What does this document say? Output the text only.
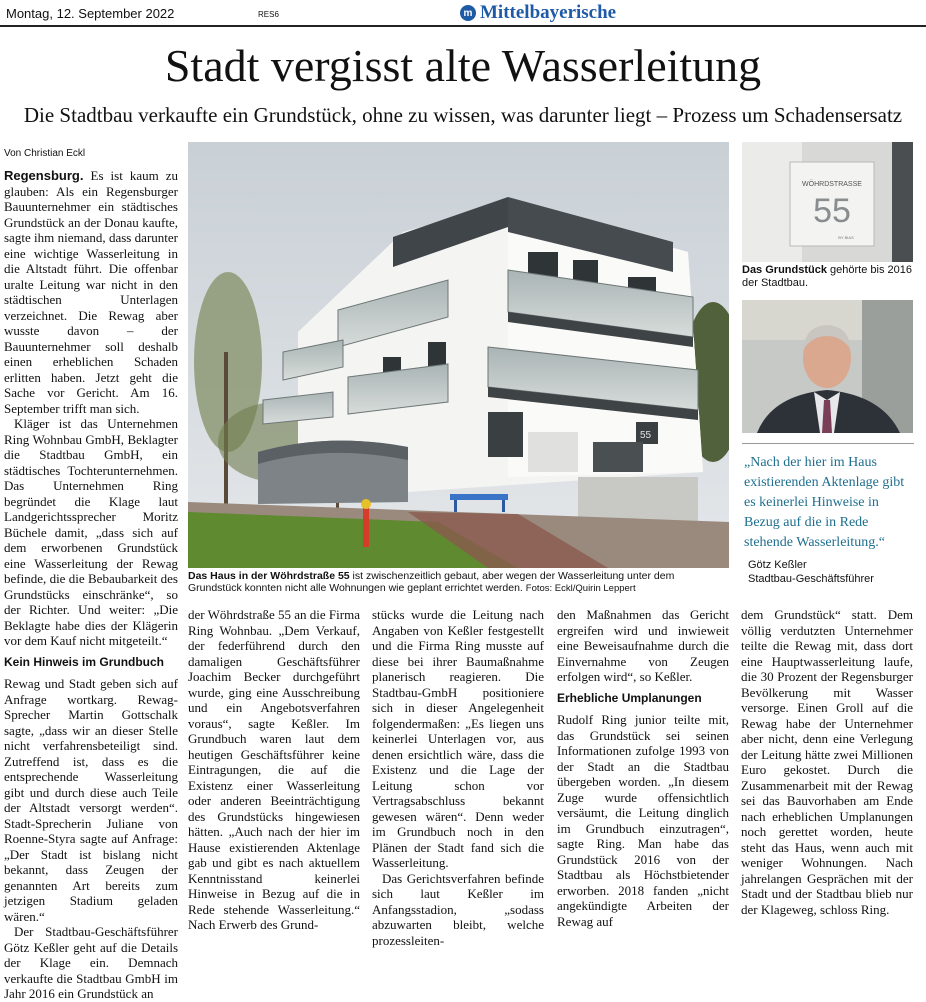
Montag, 12. September 2022	RES6	m Mittelbayerische
Stadt vergisst alte Wasserleitung
Die Stadtbau verkaufte ein Grundstück, ohne zu wissen, was darunter liegt – Prozess um Schadensersatz
Von Christian Eckl

Regensburg. Es ist kaum zu glauben: Als ein Regensburger Bauunternehmer ein städtisches Grundstück an der Donau kaufte, sagte ihm niemand, dass darunter eine wichtige Wasserleitung in die Altstadt führt. Die offenbar uralte Leitung war nicht in den städtischen Unterlagen verzeichnet. Die Rewag aber wusste davon – der Bauunternehmer soll deshalb einen erheblichen Schaden erlitten haben. Jetzt geht die Sache vor Gericht. Am 16. September trifft man sich.

Kläger ist das Unternehmen Ring Wohnbau GmbH, Beklagter die Stadtbau GmbH, ein städtisches Tochterunternehmen. Das Unternehmen Ring begründet die Klage laut Landgerichtssprecher Moritz Büchele damit, „dass sich auf dem erworbenen Grundstück eine Wasserleitung der Rewag befinde, die die Bebaubarkeit des Grundstücks einschränke“, so der Richter. Und weiter: „Die Beklagte habe dies der Klägerin vor dem Kauf nicht mitgeteilt.“

Kein Hinweis im Grundbuch

Rewag und Stadt geben sich auf Anfrage wortkarg. Rewag-Sprecher Martin Gottschalk sagte, „dass wir an dieser Stelle nicht verfahrensbeteiligt sind. Zutreffend ist, dass es die entsprechende Wasserleitung gibt und durch diese auch Teile der Altstadt versorgt werden“. Stadt-Sprecherin Juliane von Roenne-Styra sagte auf Anfrage: „Der Stadt ist bislang nicht bekannt, dass Zeugen der genannten Art bereits zum jetzigen Stadium geladen wären.“

Der Stadtbau-Geschäftsführer Götz Keßler geht auf die Details der Klage ein. Demnach verkaufte die Stadtbau GmbH im Jahr 2016 ein Grundstück an

55
Das Haus in der Wöhrdstraße 55 ist zwischenzeitlich gebaut, aber wegen der Wasserleitung unter dem Grundstück konnten nicht alle Wohnungen wie geplant errichtet werden. Fotos: Eckl/Quirin Leppert
WÖHRDSTRASSE
55
BY BIAS
Das Grundstück gehörte bis 2016 der Stadtbau.
„Nach der hier im Haus existierenden Aktenlage gibt es keinerlei Hinweise in Bezug auf die in Rede stehende Wasserleitung.“
Götz Keßler
Stadtbau-Geschäftsführer

der Wöhrdstraße 55 an die Firma Ring Wohnbau. „Dem Verkauf, der federführend durch den damaligen Geschäftsführer Joachim Becker durchgeführt wurde, ging eine Ausschreibung und ein Angebotsverfahren voraus“, sagte Keßler. Im Grundbuch waren laut dem heutigen Geschäftsführer keine Eintragungen, die auf die Existenz einer Wasserleitung oder anderen Beeinträchtigung des Grundstücks hingewiesen hätten. „Auch nach der hier im Hause existierenden Aktenlage gab und gibt es nach aktuellem Kenntnisstand keinerlei Hinweise in Bezug auf die in Rede stehende Wasserleitung.“ Nach Erwerb des Grund-

stücks wurde die Leitung nach Angaben von Keßler festgestellt und die Firma Ring musste auf diese bei ihrer Baumaßnahme planerisch reagieren. Die Stadtbau-GmbH positioniere sich in dieser Angelegenheit folgendermaßen: „Es liegen uns keinerlei Unterlagen vor, aus denen ersichtlich wäre, dass die Existenz und die Lage der Leitung schon vor Vertragsabschluss bekannt gewesen wären“. Denn weder im Grundbuch noch in den Plänen der Stadt fand sich die Wasserleitung.

Das Gerichtsverfahren befinde sich laut Keßler im Anfangsstadion, „sodass abzuwarten bleibt, welche prozessleiten-

den Maßnahmen das Gericht ergreifen wird und inwieweit eine Beweisaufnahme durch die Einvernahme von Zeugen erfolgen wird“, so Keßler.

Erhebliche Umplanungen

Rudolf Ring junior teilte mit, das Grundstück sei seinen Informationen zufolge 1993 von der Stadt an die Stadtbau übergeben worden. „In diesem Zuge wurde offensichtlich versäumt, die Leitung dinglich im Grundbuch einzutragen“, sagte Ring. Man habe das Grundstück 2016 von der Stadtbau als Höchstbietender erworben. 2018 fanden „nicht angekündigte Arbeiten der Rewag auf

dem Grundstück“ statt. Dem völlig verdutzten Unternehmer teilte die Rewag mit, dass dort eine Hauptwasserleitung laufe, die 30 Prozent der Regensburger Bevölkerung mit Wasser versorge. Einen Groll auf die Rewag habe der Unternehmer aber nicht, denn eine Verlegung der Leitung hätte zwei Millionen Euro gekostet. Durch die Zusammenarbeit mit der Rewag sei das Bauvorhaben am Ende nach erheblichen Umplanungen noch gerettet worden, heute steht das Haus, wenn auch mit weniger Wohnungen. Nach jahrelangen Gesprächen mit der Stadt und der Stadtbau blieb nur der Klageweg, schloss Ring.
